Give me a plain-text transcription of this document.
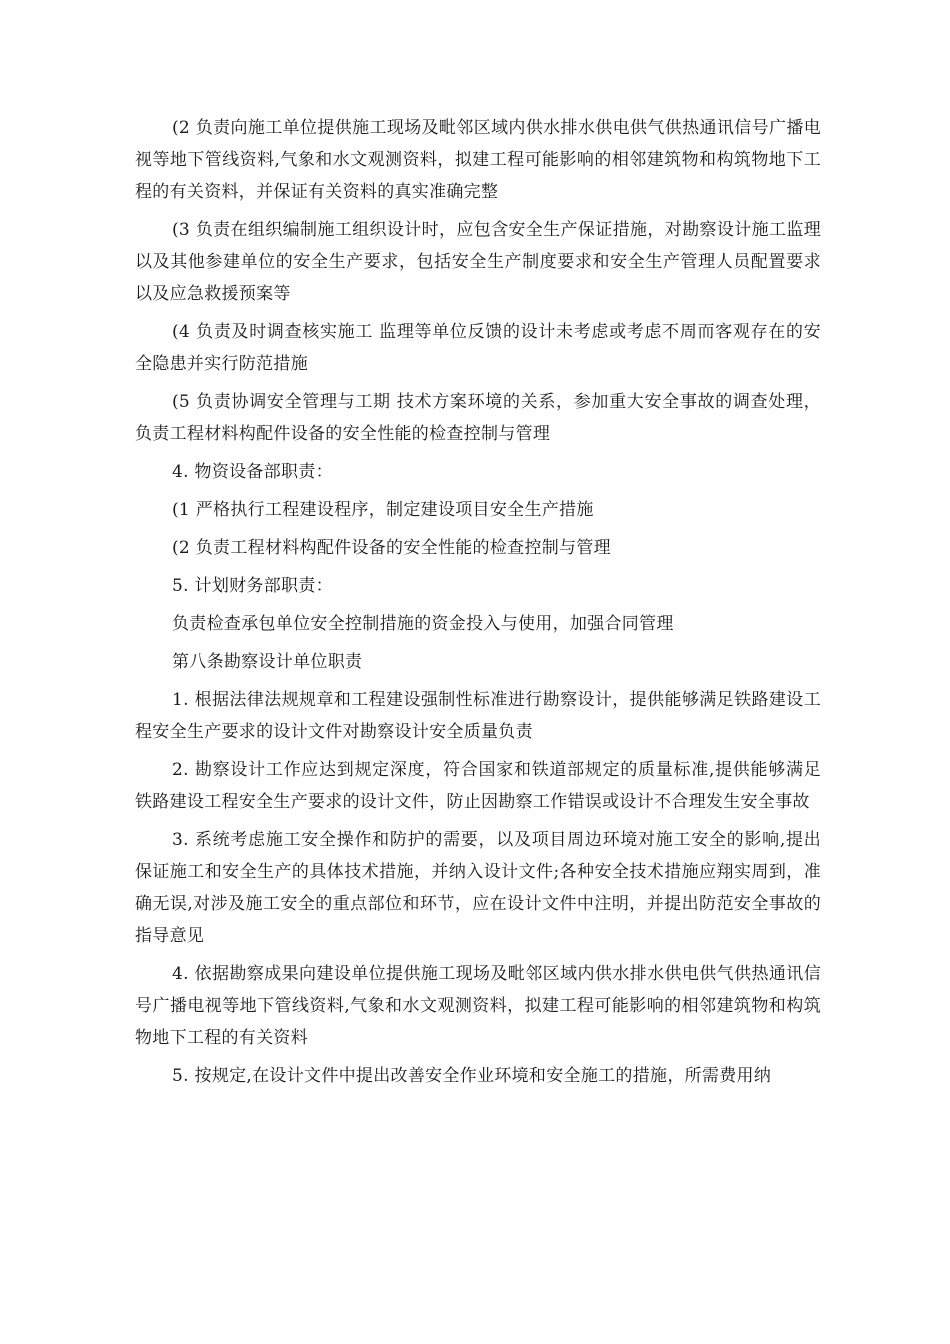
(2 负责向施工单位提供施工现场及毗邻区域内供水排水供电供气供热通讯信号广播电视等地下管线资料,气象和水文观测资料，拟建工程可能影响的相邻建筑物和构筑物地下工程的有关资料，并保证有关资料的真实准确完整

(3 负责在组织编制施工组织设计时，应包含安全生产保证措施，对勘察设计施工监理以及其他参建单位的安全生产要求，包括安全生产制度要求和安全生产管理人员配置要求以及应急救援预案等

(4 负责及时调查核实施工 监理等单位反馈的设计未考虑或考虑不周而客观存在的安全隐患并实行防范措施

(5 负责协调安全管理与工期 技术方案环境的关系，参加重大安全事故的调查处理，负责工程材料构配件设备的安全性能的检查控制与管理

4. 物资设备部职责：

(1 严格执行工程建设程序，制定建设项目安全生产措施

(2 负责工程材料构配件设备的安全性能的检查控制与管理

5. 计划财务部职责：

负责检查承包单位安全控制措施的资金投入与使用，加强合同管理

第八条勘察设计单位职责

1. 根据法律法规规章和工程建设强制性标准进行勘察设计，提供能够满足铁路建设工程安全生产要求的设计文件对勘察设计安全质量负责

2. 勘察设计工作应达到规定深度，符合国家和铁道部规定的质量标准,提供能够满足铁路建设工程安全生产要求的设计文件，防止因勘察工作错误或设计不合理发生安全事故

3. 系统考虑施工安全操作和防护的需要，以及项目周边环境对施工安全的影响,提出保证施工和安全生产的具体技术措施，并纳入设计文件;各种安全技术措施应翔实周到，准确无误,对涉及施工安全的重点部位和环节，应在设计文件中注明，并提出防范安全事故的指导意见

4. 依据勘察成果向建设单位提供施工现场及毗邻区域内供水排水供电供气供热通讯信号广播电视等地下管线资料,气象和水文观测资料，拟建工程可能影响的相邻建筑物和构筑物地下工程的有关资料

5. 按规定,在设计文件中提出改善安全作业环境和安全施工的措施，所需费用纳
